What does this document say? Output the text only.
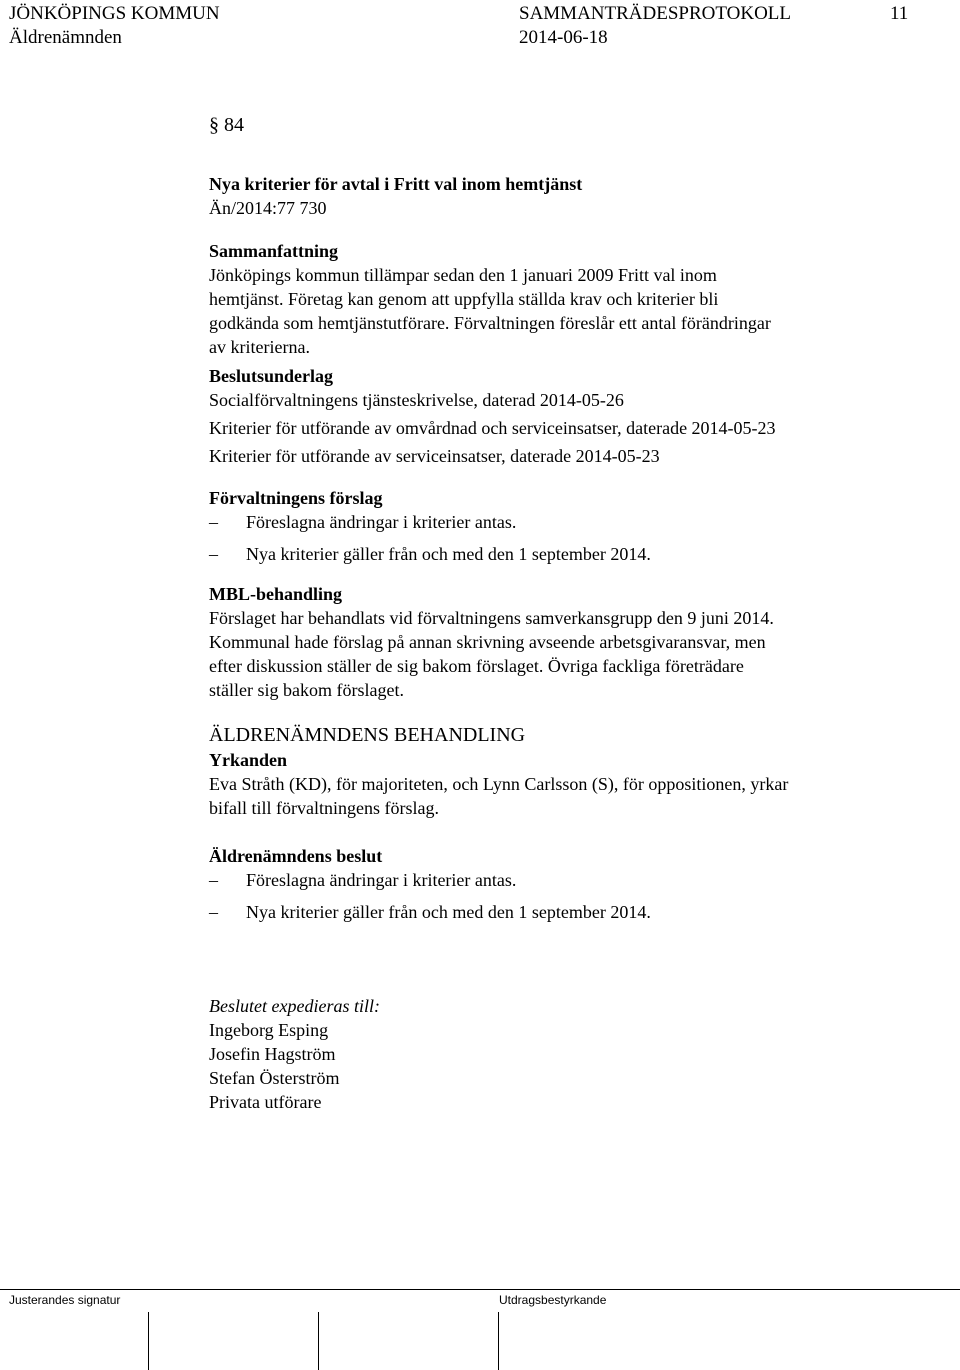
JÖNKÖPINGS KOMMUN	SAMMANTRÄDESPROTOKOLL	11
Äldrenämnden	2014-06-18
§ 84
Nya kriterier för avtal i Fritt val inom hemtjänst
Än/2014:77 730
Sammanfattning
Jönköpings kommun tillämpar sedan den 1 januari 2009 Fritt val inom
hemtjänst. Företag kan genom att uppfylla ställda krav och kriterier bli
godkända som hemtjänstutförare. Förvaltningen föreslår ett antal förändringar
av kriterierna.
Beslutsunderlag
Socialförvaltningens tjänsteskrivelse, daterad 2014-05-26
Kriterier för utförande av omvårdnad och serviceinsatser, daterade 2014-05-23
Kriterier för utförande av serviceinsatser, daterade 2014-05-23
Förvaltningens förslag
–	Föreslagna ändringar i kriterier antas.
–	Nya kriterier gäller från och med den 1 september 2014.
MBL-behandling
Förslaget har behandlats vid förvaltningens samverkansgrupp den 9 juni 2014.
Kommunal hade förslag på annan skrivning avseende arbetsgivaransvar, men
efter diskussion ställer de sig bakom förslaget. Övriga fackliga företrädare
ställer sig bakom förslaget.
ÄLDRENÄMNDENS BEHANDLING
Yrkanden
Eva Stråth (KD), för majoriteten, och Lynn Carlsson (S), för oppositionen, yrkar
bifall till förvaltningens förslag.
Äldrenämndens beslut
–	Föreslagna ändringar i kriterier antas.
–	Nya kriterier gäller från och med den 1 september 2014.
Beslutet expedieras till:
Ingeborg Esping
Josefin Hagström
Stefan Österström
Privata utförare
Justerandes signatur	Utdragsbestyrkande
